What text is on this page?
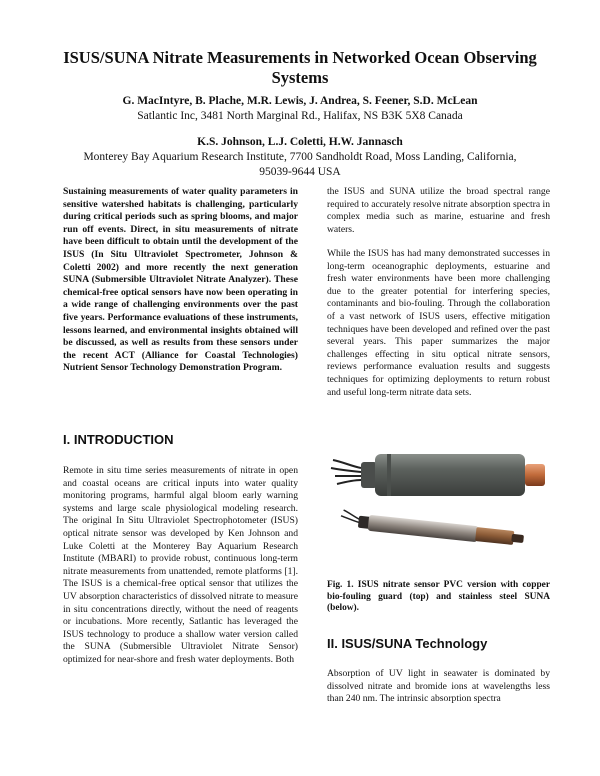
ISUS/SUNA Nitrate Measurements in Networked Ocean Observing Systems
G. MacIntyre, B. Plache, M.R. Lewis, J. Andrea, S. Feener, S.D. McLean
Satlantic Inc, 3481 North Marginal Rd., Halifax, NS B3K 5X8 Canada
K.S. Johnson, L.J. Coletti, H.W. Jannasch
Monterey Bay Aquarium Research Institute, 7700 Sandholdt Road, Moss Landing, California, 95039-9644 USA

Sustaining measurements of water quality parameters in sensitive watershed habitats is challenging, particularly during critical periods such as spring blooms, and major run off events. Direct, in situ measurements of nitrate have been difficult to obtain until the development of the ISUS (In Situ Ultraviolet Spectrometer, Johnson & Coletti 2002) and more recently the next generation SUNA (Submersible Ultraviolet Nitrate Analyzer). These chemical-free optical sensors have now been operating in a wide range of challenging environments over the past five years. Performance evaluations of these instruments, lessons learned, and environmental insights obtained will be discussed, as well as results from these sensors under the recent ACT (Alliance for Coastal Technologies) Nutrient Sensor Technology Demonstration Program.

the ISUS and SUNA utilize the broad spectral range required to accurately resolve nitrate absorption spectra in complex media such as marine, estuarine and fresh waters.

While the ISUS has had many demonstrated successes in long-term oceanographic deployments, estuarine and fresh water environments have been more challenging due to the greater potential for interfering species, contaminants and bio-fouling. Through the collaboration of a vast network of ISUS users, effective mitigation techniques have been developed and refined over the past several years. This paper summarizes the major challenges effecting in situ optical nitrate sensors, reviews performance evaluation results and suggests techniques for optimizing deployments to return robust and useful long-term nitrate data sets.

I. INTRODUCTION

Remote in situ time series measurements of nitrate in open and coastal oceans are critical inputs into water quality monitoring programs, harmful algal bloom early warning systems and large scale physiological modeling research. The original In Situ Ultraviolet Spectrophotometer (ISUS) optical nitrate sensor was developed by Ken Johnson and Luke Coletti at the Monterey Bay Aquarium Research Institute (MBARI) to provide robust, continuous long-term nitrate measurements from unattended, remote platforms [1]. The ISUS is a chemical-free optical sensor that utilizes the UV absorption characteristics of dissolved nitrate to measure in situ concentrations directly, without the need of reagents or incubations. More recently, Satlantic has leveraged the ISUS technology to produce a shallow water version called the SUNA (Submersible Ultraviolet Nitrate Sensor) optimized for near-shore and fresh water deployments. Both

Fig. 1. ISUS nitrate sensor PVC version with copper bio-fouling guard (top) and stainless steel SUNA (below).

II. ISUS/SUNA Technology

Absorption of UV light in seawater is dominated by dissolved nitrate and bromide ions at wavelengths less than 240 nm. The intrinsic absorption spectra
